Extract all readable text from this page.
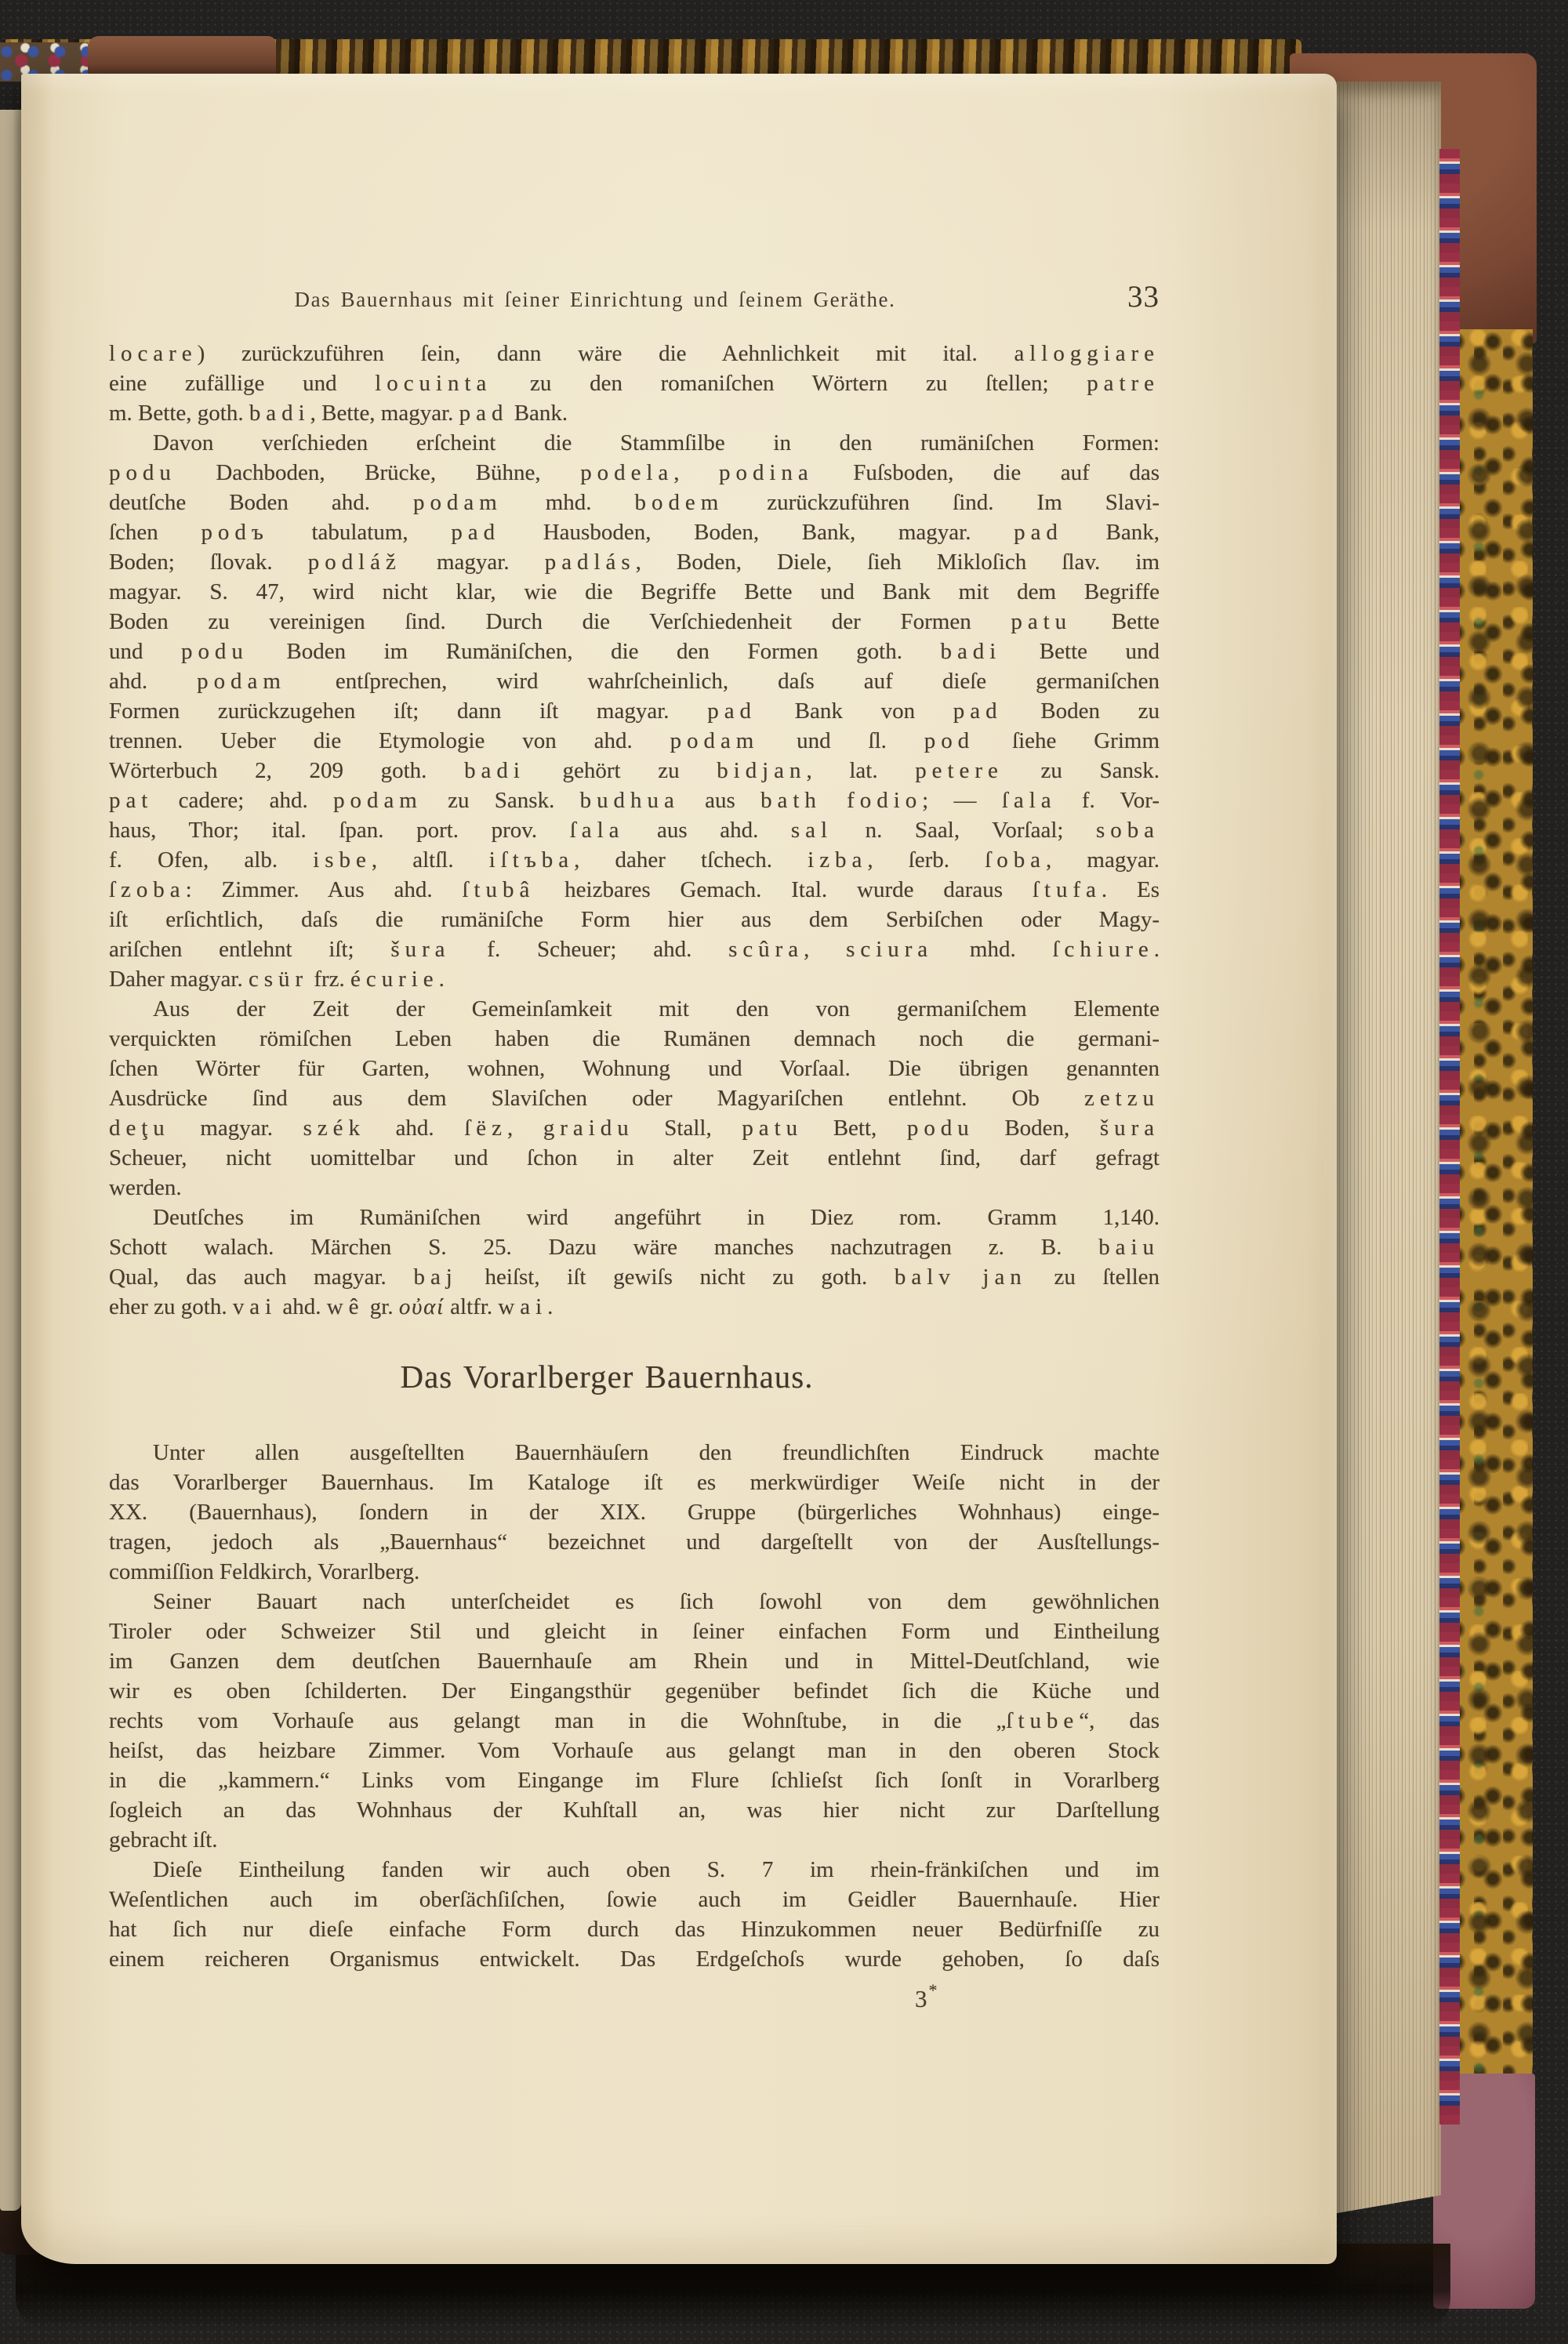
Das Bauernhaus mit ſeiner Einrichtung und ſeinem Geräthe.	33
locare) zurückzuführen ſein, dann wäre die Aehnlichkeit mit ital. alloggiare
eine zufällige und locuinta zu den romaniſchen Wörtern zu ſtellen; patre
m. Bette, goth. badi, Bette, magyar. pad Bank.
Davon verſchieden erſcheint die Stammſilbe in den rumäniſchen Formen:
podu Dachboden, Brücke, Bühne, podela, podina Fuſsboden, die auf das
deutſche Boden ahd. podam mhd. bodem zurückzuführen ſind. Im Slavi-
ſchen podъ tabulatum, pad Hausboden, Boden, Bank, magyar. pad Bank,
Boden; ſlovak. podláž magyar. padlás, Boden, Diele, ſieh Mikloſich ſlav. im
magyar. S. 47, wird nicht klar, wie die Begriffe Bette und Bank mit dem Begriffe
Boden zu vereinigen ſind. Durch die Verſchiedenheit der Formen patu Bette
und podu Boden im Rumäniſchen, die den Formen goth. badi Bette und
ahd. podam entſprechen, wird wahrſcheinlich, daſs auf dieſe germaniſchen
Formen zurückzugehen iſt; dann iſt magyar. pad Bank von pad Boden zu
trennen. Ueber die Etymologie von ahd. podam und ſl. pod ſiehe Grimm
Wörterbuch 2, 209 goth. badi gehört zu bidjan, lat. petere zu Sansk.
pat cadere; ahd. podam zu Sansk. budhua aus bath fodio; — ſala f. Vor-
haus, Thor; ital. ſpan. port. prov. ſala aus ahd. sal n. Saal, Vorſaal; soba
f. Ofen, alb. isbe, altſl. iſtъba, daher tſchech. izba, ſerb. ſoba, magyar.
ſzoba: Zimmer. Aus ahd. ſtubâ heizbares Gemach. Ital. wurde daraus ſtufa. Es
iſt erſichtlich, daſs die rumäniſche Form hier aus dem Serbiſchen oder Magy-
ariſchen entlehnt iſt; šura f. Scheuer; ahd. scûra, sciura mhd. ſchiure.
Daher magyar. csür frz. écurie.
Aus der Zeit der Gemeinſamkeit mit den von germaniſchem Elemente
verquickten römiſchen Leben haben die Rumänen demnach noch die germani-
ſchen Wörter für Garten, wohnen, Wohnung und Vorſaal. Die übrigen genannten
Ausdrücke ſind aus dem Slaviſchen oder Magyariſchen entlehnt. Ob zetzu
deţu magyar. szék ahd. ſëz, graidu Stall, patu Bett, podu Boden, šura
Scheuer, nicht uomittelbar und ſchon in alter Zeit entlehnt ſind, darf gefragt
werden.
Deutſches im Rumäniſchen wird angeführt in Diez rom. Gramm 1,140.
Schott walach. Märchen S. 25. Dazu wäre manches nachzutragen z. B. baiu
Qual, das auch magyar. baj heiſst, iſt gewiſs nicht zu goth. balv jan zu ſtellen
eher zu goth. vai ahd. wê gr. οὐαί altfr. wai.
Das Vorarlberger Bauernhaus.
Unter allen ausgeſtellten Bauernhäuſern den freundlichſten Eindruck machte
das Vorarlberger Bauernhaus. Im Kataloge iſt es merkwürdiger Weiſe nicht in der
XX. (Bauernhaus), ſondern in der XIX. Gruppe (bürgerliches Wohnhaus) einge-
tragen, jedoch als „Bauernhaus“ bezeichnet und dargeſtellt von der Ausſtellungs-
commiſſion Feldkirch, Vorarlberg.
Seiner Bauart nach unterſcheidet es ſich ſowohl von dem gewöhnlichen
Tiroler oder Schweizer Stil und gleicht in ſeiner einfachen Form und Eintheilung
im Ganzen dem deutſchen Bauernhauſe am Rhein und in Mittel-Deutſchland, wie
wir es oben ſchilderten. Der Eingangsthür gegenüber befindet ſich die Küche und
rechts vom Vorhauſe aus gelangt man in die Wohnſtube, in die „ſtube“, das
heiſst, das heizbare Zimmer. Vom Vorhauſe aus gelangt man in den oberen Stock
in die „kammern.“ Links vom Eingange im Flure ſchlieſst ſich ſonſt in Vorarlberg
ſogleich an das Wohnhaus der Kuhſtall an, was hier nicht zur Darſtellung
gebracht iſt.
Dieſe Eintheilung fanden wir auch oben S. 7 im rhein-fränkiſchen und im
Weſentlichen auch im oberſächſiſchen, ſowie auch im Geidler Bauernhauſe. Hier
hat ſich nur dieſe einfache Form durch das Hinzukommen neuer Bedürfniſſe zu
einem reicheren Organismus entwickelt. Das Erdgeſchoſs wurde gehoben, ſo daſs
3*
